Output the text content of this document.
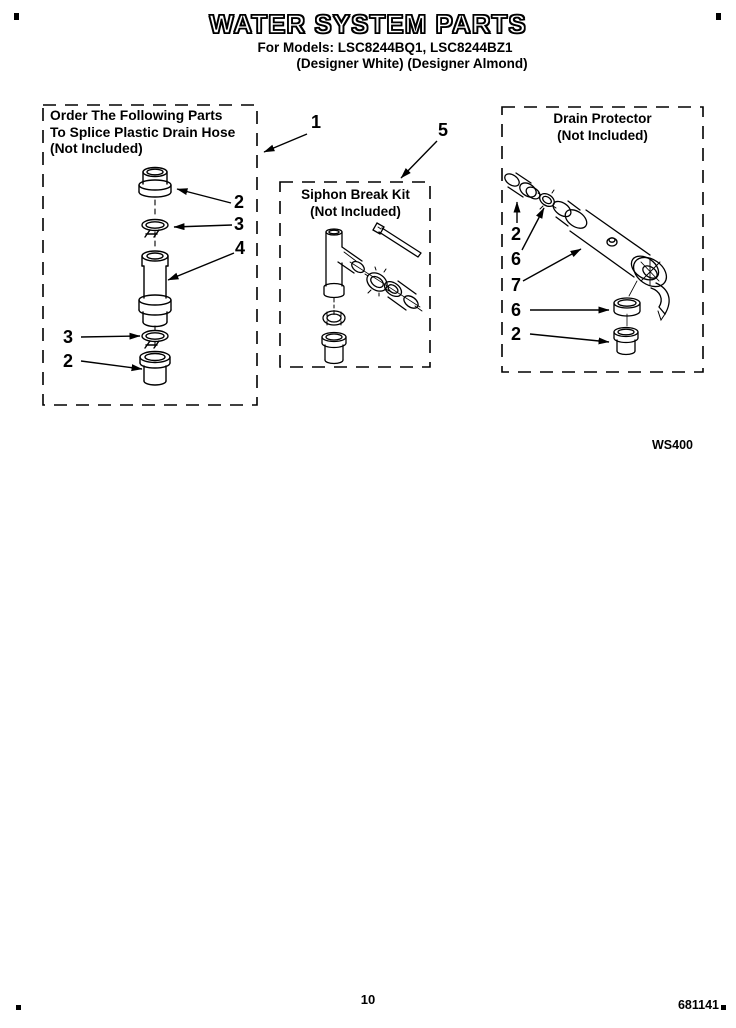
WATER SYSTEM PARTS
For Models: LSC8244BQ1, LSC8244BZ1
(Designer White) (Designer Almond)
Order The Following Parts
To Splice Plastic Drain Hose
(Not Included)
Siphon Break Kit
(Not Included)
Drain Protector
(Not Included)
1	5
2
3
4
3
2
2
6
7
6
2
WS400
10	681141
